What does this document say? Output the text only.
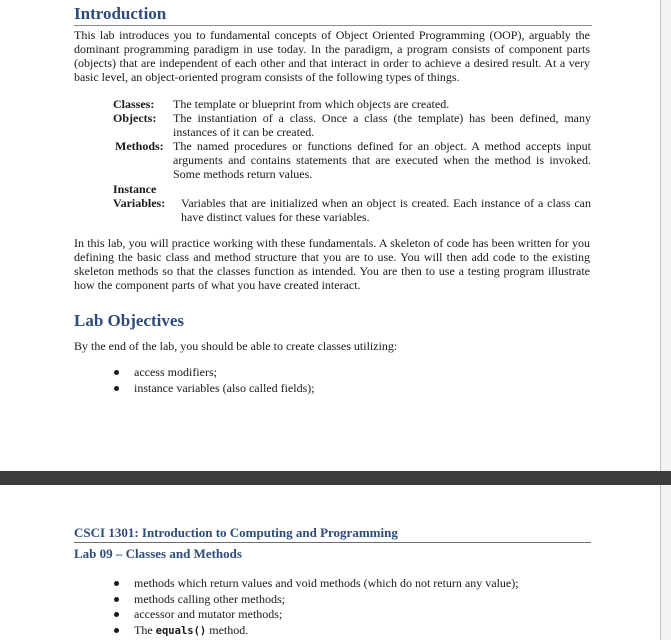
Introduction

This lab introduces you to fundamental concepts of Object Oriented Programming (OOP), arguably the dominant programming paradigm in use today. In the paradigm, a program consists of component parts (objects) that are independent of each other and that interact in order to achieve a desired result. At a very basic level, an object-oriented program consists of the following types of things.

Classes:	The template or blueprint from which objects are created.
Objects:	The instantiation of a class. Once a class (the template) has been defined, many instances of it can be created.
Methods: The named procedures or functions defined for an object. A method accepts input arguments and contains statements that are executed when the method is invoked. Some methods return values.
Instance
Variables:	Variables that are initialized when an object is created. Each instance of a class can have distinct values for these variables.

In this lab, you will practice working with these fundamentals. A skeleton of code has been written for you defining the basic class and method structure that you are to use. You will then add code to the existing skeleton methods so that the classes function as intended. You are then to use a testing program illustrate how the component parts of what you have created interact.

Lab Objectives

By the end of the lab, you should be able to create classes utilizing:

access modifiers;
instance variables (also called fields);
CSCI 1301: Introduction to Computing and Programming
Lab 09 – Classes and Methods
methods which return values and void methods (which do not return any value);
methods calling other methods;
accessor and mutator methods;
The equals() method.
